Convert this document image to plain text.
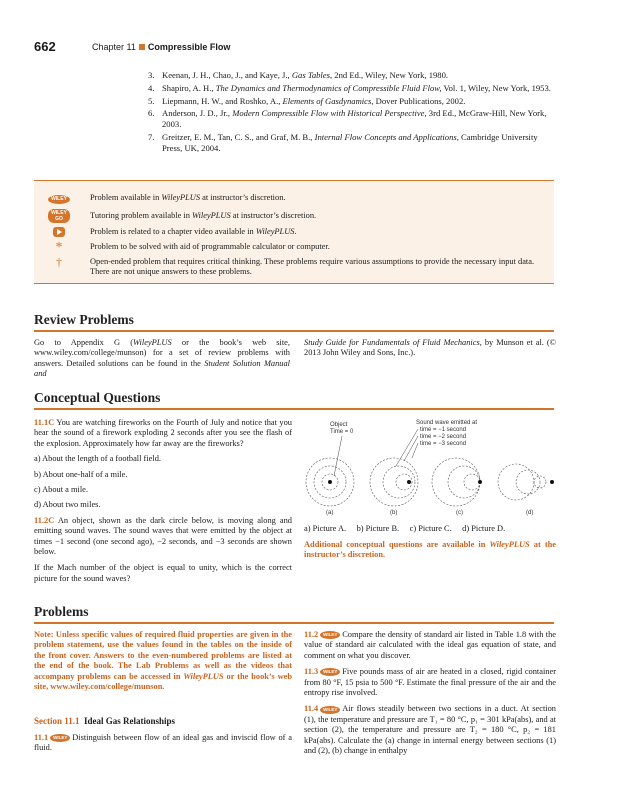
662	Chapter 11 Compressible Flow
3. Keenan, J. H., Chao, J., and Kaye, J., Gas Tables, 2nd Ed., Wiley, New York, 1980.
4. Shapiro, A. H., The Dynamics and Thermodynamics of Compressible Fluid Flow, Vol. 1, Wiley, New York, 1953.
5. Liepmann, H. W., and Roshko, A., Elements of Gasdynamics, Dover Publications, 2002.
6. Anderson, J. D., Jr., Modern Compressible Flow with Historical Perspective, 3rd Ed., McGraw-Hill, New York, 2003.
7. Greitzer, E. M., Tan, C. S., and Graf, M. B., Internal Flow Concepts and Applications, Cambridge University Press, UK, 2004.
WILEY	Problem available in WileyPLUS at instructor’s discretion.
WILEY
GO	Tutoring problem available in WileyPLUS at instructor’s discretion.
Problem is related to a chapter video available in WileyPLUS.
*	Problem to be solved with aid of programmable calculator or computer.
†	Open-ended problem that requires critical thinking. These problems require various assumptions to provide the necessary input data. There are not unique answers to these problems.
Review Problems
Go to Appendix G (WileyPLUS or the book’s web site, www.wiley.com/college/munson) for a set of review problems with answers. Detailed solutions can be found in the Student Solution Manual and
Study Guide for Fundamentals of Fluid Mechanics, by Munson et al. (© 2013 John Wiley and Sons, Inc.).
Conceptual Questions
11.1C You are watching fireworks on the Fourth of July and notice that you hear the sound of a firework exploding 2 seconds after you see the flash of the explosion. Approximately how far away are the fireworks?
a) About the length of a football field.
b) About one-half of a mile.
c) About a mile.
d) About two miles.
11.2C An object, shown as the dark circle below, is moving along and emitting sound waves. The sound waves that were emitted by the object at times −1 second (one second ago), −2 seconds, and −3 seconds are shown below.
If the Mach number of the object is equal to unity, which is the correct picture for the sound waves?
Object
Time = 0
Sound wave emitted at
time = −1 second
time = −2 second
time = −3 second
(a)	(b)	(c)	(d)
a) Picture A.     b) Picture B.     c) Picture C.     d) Picture D.
Additional conceptual questions are available in WileyPLUS at the instructor’s discretion.
Problems
Note: Unless specific values of required fluid properties are given in the problem statement, use the values found in the tables on the inside of the front cover. Answers to the even-numbered problems are listed at the end of the book. The Lab Problems as well as the videos that accompany problems can be accessed in WileyPLUS or the book’s web site, www.wiley.com/college/munson.
Section 11.1 Ideal Gas Relationships
11.1 WILEY Distinguish between flow of an ideal gas and inviscid flow of a fluid.
11.2 WILEY Compare the density of standard air listed in Table 1.8 with the value of standard air calculated with the ideal gas equation of state, and comment on what you discover.
11.3 WILEY Five pounds mass of air are heated in a closed, rigid container from 80 °F, 15 psia to 500 °F. Estimate the final pressure of the air and the entropy rise involved.
11.4 WILEY Air flows steadily between two sections in a duct. At section (1), the temperature and pressure are T₁ = 80 °C, p₁ = 301 kPa(abs), and at section (2), the temperature and pressure are T₂ = 180 °C, p₂ = 181 kPa(abs). Calculate the (a) change in internal energy between sections (1) and (2), (b) change in enthalpy
